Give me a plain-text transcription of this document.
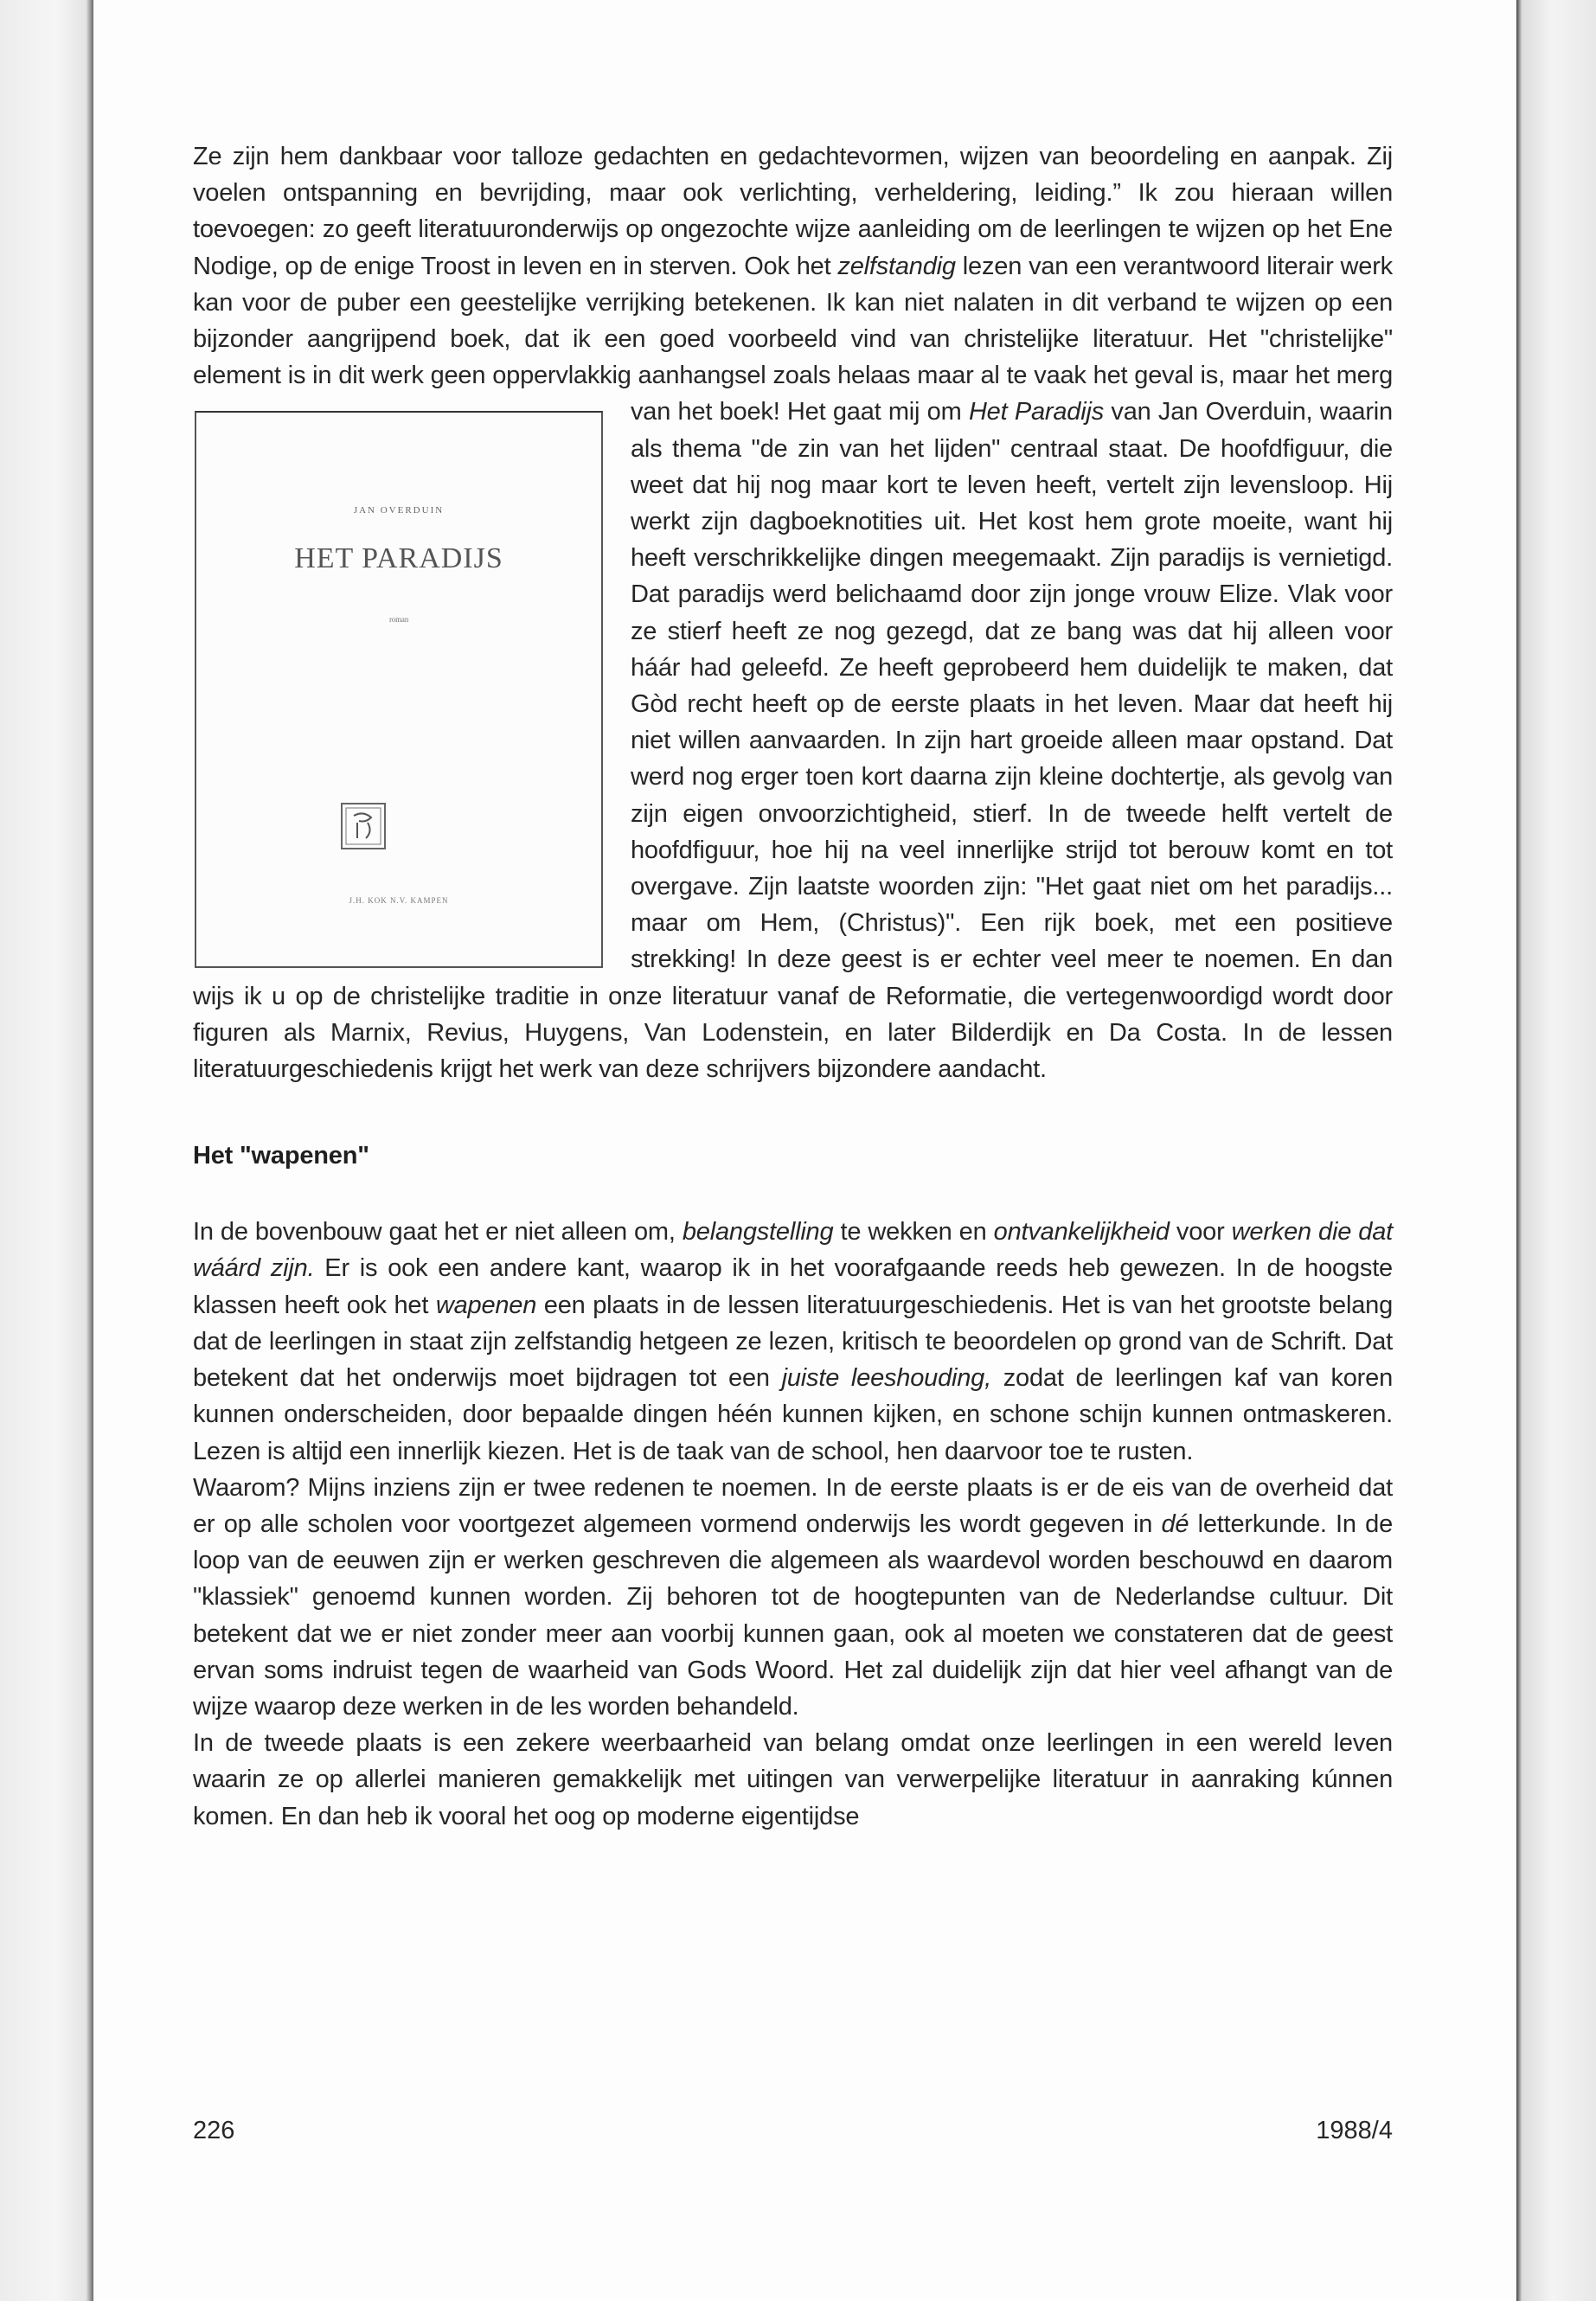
Ze zijn hem dankbaar voor talloze gedachten en gedachtevormen, wijzen van beoordeling en aanpak. Zij voelen ontspanning en bevrijding, maar ook verlichting, verheldering, leiding.” Ik zou hieraan willen toevoegen: zo geeft literatuuronderwijs op ongezochte wijze aanleiding om de leerlingen te wijzen op het Ene Nodige, op de enige Troost in leven en in sterven. Ook het zelfstandig lezen van een verantwoord literair werk kan voor de puber een geestelijke verrijking betekenen. Ik kan niet nalaten in dit verband te wijzen op een bijzonder aangrijpend boek, dat ik een goed voorbeeld vind van christelijke literatuur. Het "christelijke" element is in dit werk geen oppervlakkig aanhangsel zoals helaas maar al te vaak het geval is, maar het merg van het boek! Het gaat mij om
JAN OVERDUIN
HET PARADIJS
roman
J.H. KOK N.V. KAMPEN
Het Paradijs van Jan Overduin, waarin als thema "de zin van het lijden" centraal staat. De hoofdfiguur, die weet dat hij nog maar kort te leven heeft, vertelt zijn levensloop. Hij werkt zijn dagboeknotities uit. Het kost hem grote moeite, want hij heeft verschrikkelijke dingen meegemaakt. Zijn paradijs is vernietigd. Dat paradijs werd belichaamd door zijn jonge vrouw Elize. Vlak voor ze stierf heeft ze nog gezegd, dat ze bang was dat hij alleen voor háár had geleefd. Ze heeft geprobeerd hem duidelijk te maken, dat Gòd recht heeft op de eerste plaats in het leven. Maar dat heeft hij niet willen aanvaarden. In zijn hart groeide alleen maar opstand. Dat werd nog erger toen kort daarna zijn kleine dochtertje, als gevolg van zijn eigen onvoorzichtigheid, stierf. In de tweede helft vertelt de hoofdfiguur, hoe hij na veel innerlijke strijd tot berouw komt en tot overgave. Zijn laatste woorden zijn: "Het gaat niet om het paradijs... maar om Hem, (Christus)". Een rijk boek, met een positieve strekking! In deze geest is er echter veel meer te noemen. En dan wijs ik u op de christelijke traditie in onze literatuur vanaf de Reformatie, die vertegenwoordigd wordt door figuren als Marnix, Revius, Huygens, Van Lodenstein, en later Bilderdijk en Da Costa. In de lessen literatuurgeschiedenis krijgt het werk van deze schrijvers bijzondere aandacht.

Het "wapenen"

In de bovenbouw gaat het er niet alleen om, belangstelling te wekken en ontvankelijkheid voor werken die dat wáárd zijn. Er is ook een andere kant, waarop ik in het voorafgaande reeds heb gewezen. In de hoogste klassen heeft ook het wapenen een plaats in de lessen literatuurgeschiedenis. Het is van het grootste belang dat de leerlingen in staat zijn zelfstandig hetgeen ze lezen, kritisch te beoordelen op grond van de Schrift. Dat betekent dat het onderwijs moet bijdragen tot een juiste leeshouding, zodat de leerlingen kaf van koren kunnen onderscheiden, door bepaalde dingen héén kunnen kijken, en schone schijn kunnen ontmaskeren. Lezen is altijd een innerlijk kiezen. Het is de taak van de school, hen daarvoor toe te rusten.

Waarom? Mijns inziens zijn er twee redenen te noemen. In de eerste plaats is er de eis van de overheid dat er op alle scholen voor voortgezet algemeen vormend onderwijs les wordt gegeven in dé letterkunde. In de loop van de eeuwen zijn er werken geschreven die algemeen als waardevol worden beschouwd en daarom "klassiek" genoemd kunnen worden. Zij behoren tot de hoogtepunten van de Nederlandse cultuur. Dit betekent dat we er niet zonder meer aan voorbij kunnen gaan, ook al moeten we constateren dat de geest ervan soms indruist tegen de waarheid van Gods Woord. Het zal duidelijk zijn dat hier veel afhangt van de wijze waarop deze werken in de les worden behandeld.

In de tweede plaats is een zekere weerbaarheid van belang omdat onze leerlingen in een wereld leven waarin ze op allerlei manieren gemakkelijk met uitingen van verwerpelijke literatuur in aanraking kúnnen komen. En dan heb ik vooral het oog op moderne eigentijdse

226	1988/4
